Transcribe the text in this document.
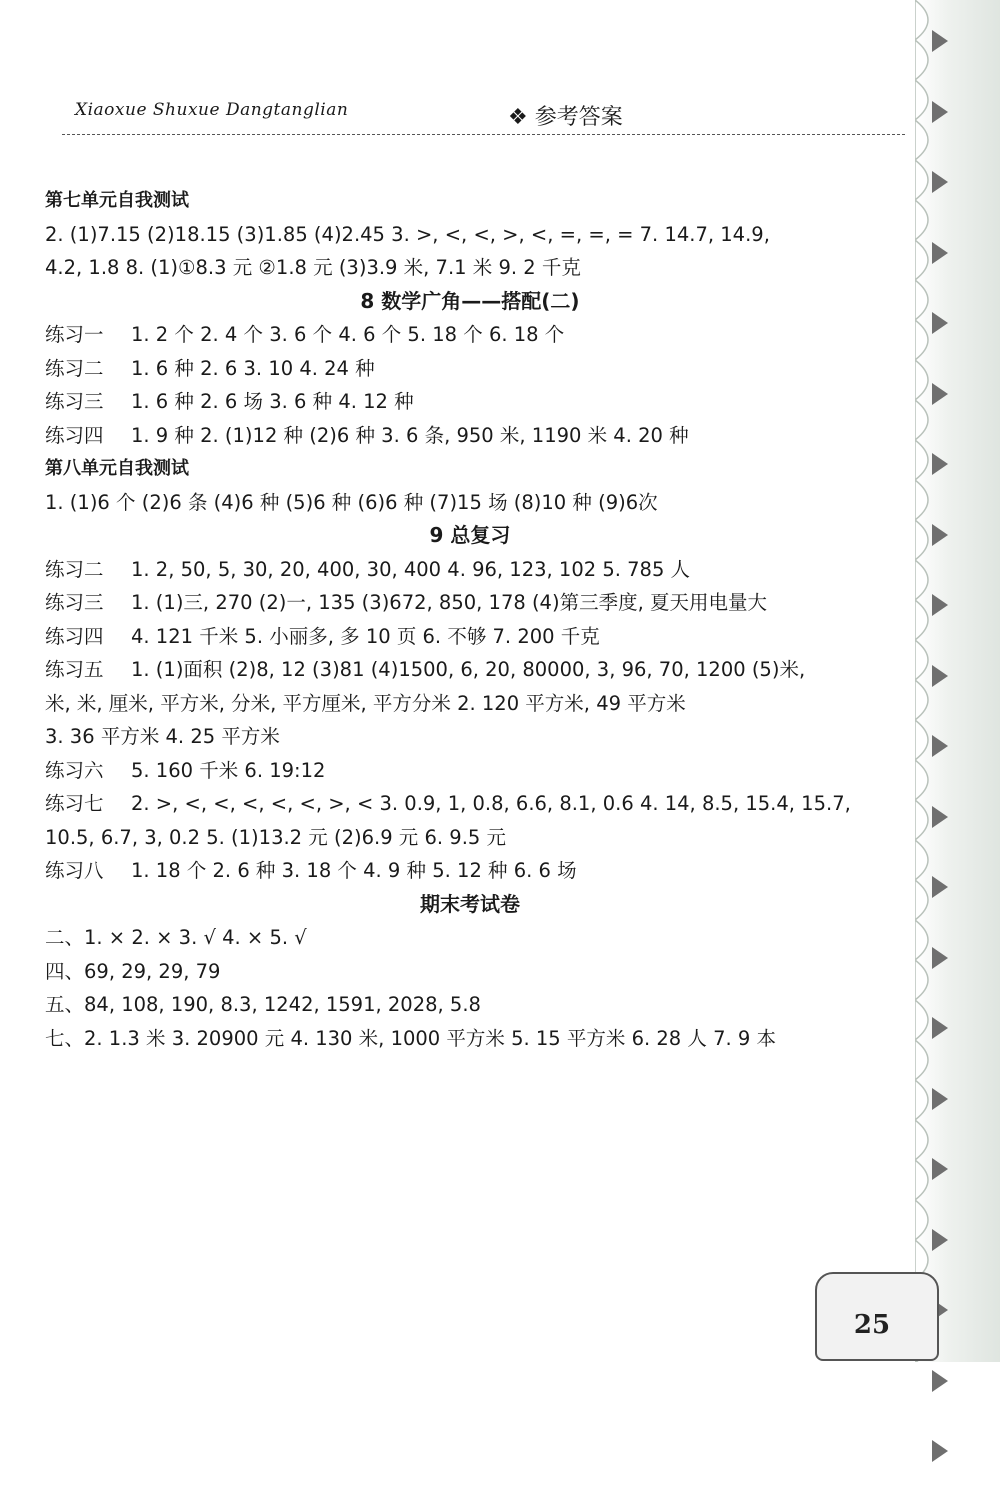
Xiaoxue Shuxue Dangtanglian	❖ 参考答案
第七单元自我测试
2. (1)7.15 (2)18.15 (3)1.85 (4)2.45 3. >, <, <, >, <, =, =, = 7. 14.7, 14.9,
4.2, 1.8 8. (1)①8.3 元 ②1.8 元 (3)3.9 米, 7.1 米 9. 2 千克
8 数学广角——搭配(二)
练习一 1. 2 个 2. 4 个 3. 6 个 4. 6 个 5. 18 个 6. 18 个
练习二 1. 6 种 2. 6 3. 10 4. 24 种
练习三 1. 6 种 2. 6 场 3. 6 种 4. 12 种
练习四 1. 9 种 2. (1)12 种 (2)6 种 3. 6 条, 950 米, 1190 米 4. 20 种
第八单元自我测试
1. (1)6 个 (2)6 条 (4)6 种 (5)6 种 (6)6 种 (7)15 场 (8)10 种 (9)6次
9 总复习
练习二 1. 2, 50, 5, 30, 20, 400, 30, 400 4. 96, 123, 102 5. 785 人
练习三 1. (1)三, 270 (2)一, 135 (3)672, 850, 178 (4)第三季度, 夏天用电量大
练习四 4. 121 千米 5. 小丽多, 多 10 页 6. 不够 7. 200 千克
练习五 1. (1)面积 (2)8, 12 (3)81 (4)1500, 6, 20, 80000, 3, 96, 70, 1200 (5)米,
米, 米, 厘米, 平方米, 分米, 平方厘米, 平方分米 2. 120 平方米, 49 平方米
3. 36 平方米 4. 25 平方米
练习六 5. 160 千米 6. 19:12
练习七 2. >, <, <, <, <, <, >, < 3. 0.9, 1, 0.8, 6.6, 8.1, 0.6 4. 14, 8.5, 15.4, 15.7,
10.5, 6.7, 3, 0.2 5. (1)13.2 元 (2)6.9 元 6. 9.5 元
练习八 1. 18 个 2. 6 种 3. 18 个 4. 9 种 5. 12 种 6. 6 场
期末考试卷
二、1. × 2. × 3. √ 4. × 5. √
四、69, 29, 29, 79
五、84, 108, 190, 8.3, 1242, 1591, 2028, 5.8
七、2. 1.3 米 3. 20900 元 4. 130 米, 1000 平方米 5. 15 平方米 6. 28 人 7. 9 本
25
